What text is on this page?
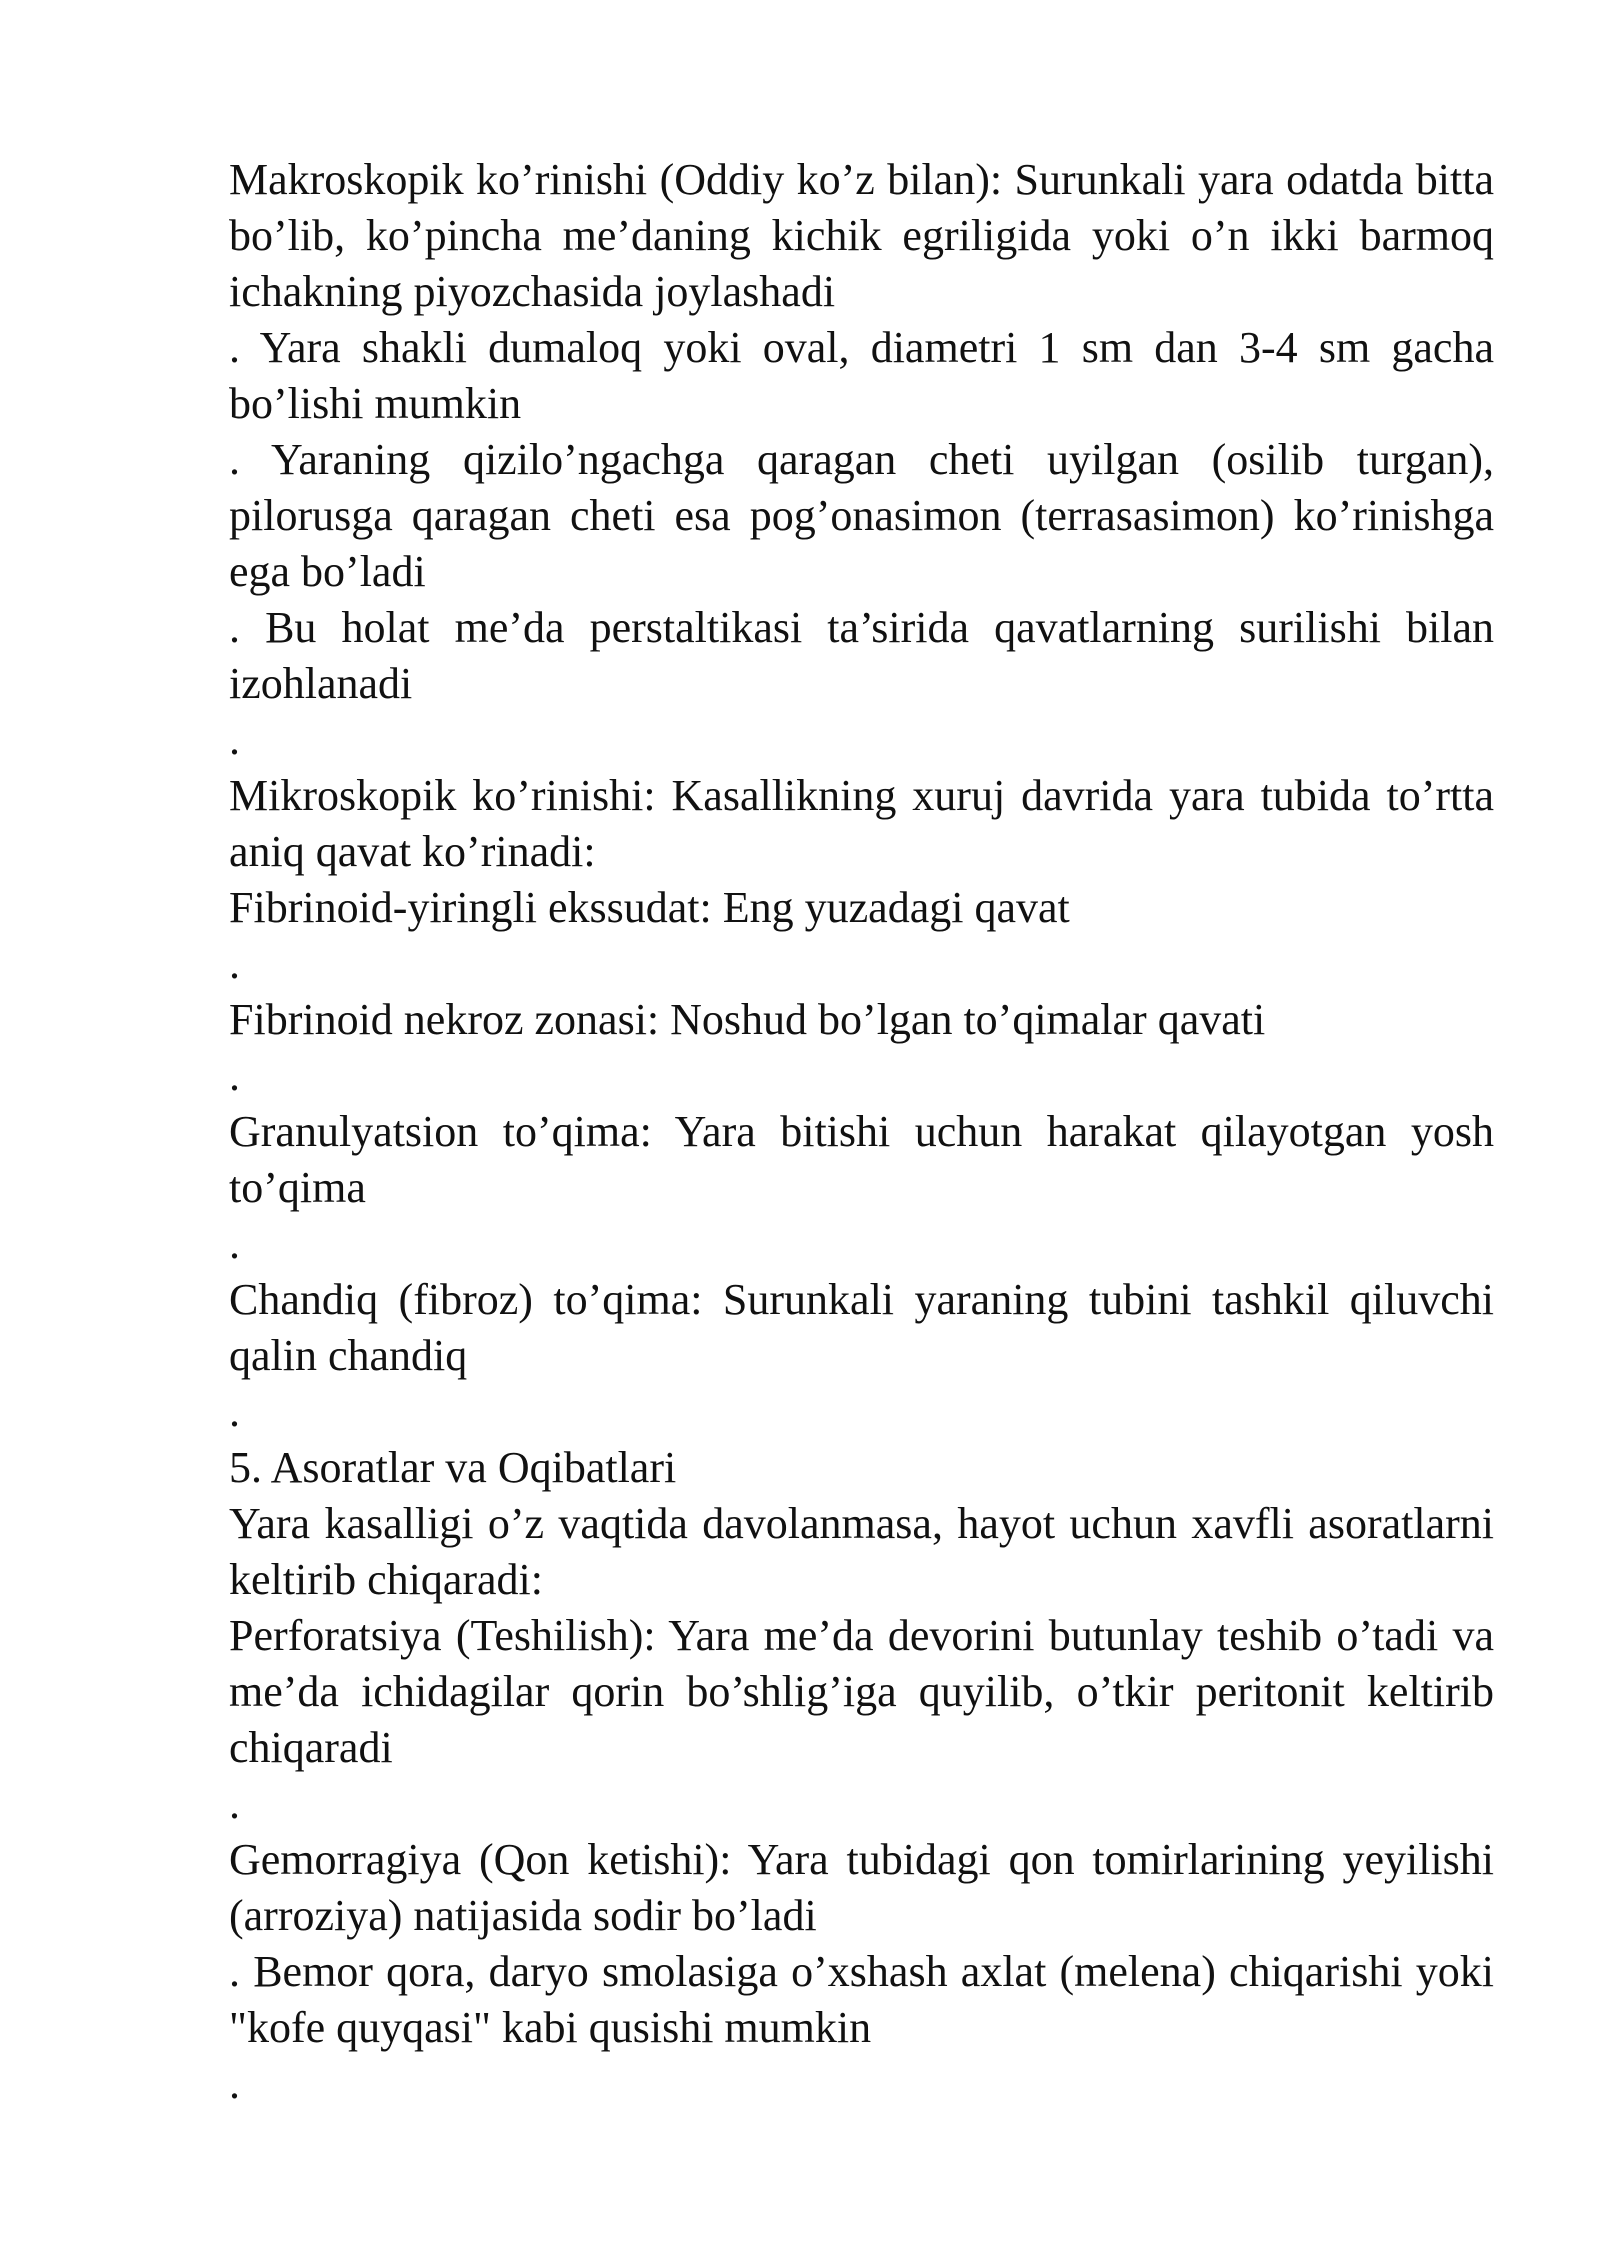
Makroskopik ko’rinishi (Oddiy ko’z bilan): Surunkali yara odatda bitta bo’lib, ko’pincha me’daning kichik egriligida yoki o’n ikki barmoq ichakning piyozchasida joylashadi

. Yara shakli dumaloq yoki oval, diametri 1 sm dan 3-4 sm gacha bo’lishi mumkin

. Yaraning qizilo’ngachga qaragan cheti uyilgan (osilib turgan), pilorusga qaragan cheti esa pog’onasimon (terrasasimon) ko’rinishga ega bo’ladi

. Bu holat me’da perstaltikasi ta’sirida qavatlarning surilishi bilan izohlanadi

.

Mikroskopik ko’rinishi: Kasallikning xuruj davrida yara tubida to’rtta aniq qavat ko’rinadi:

Fibrinoid-yiringli ekssudat: Eng yuzadagi qavat

.

Fibrinoid nekroz zonasi: Noshud bo’lgan to’qimalar qavati

.

Granulyatsion to’qima: Yara bitishi uchun harakat qilayotgan yosh to’qima

.

Chandiq (fibroz) to’qima: Surunkali yaraning tubini tashkil qiluvchi qalin chandiq

.

5. Asoratlar va Oqibatlari

Yara kasalligi o’z vaqtida davolanmasa, hayot uchun xavfli asoratlarni keltirib chiqaradi:

Perforatsiya (Teshilish): Yara me’da devorini butunlay teshib o’tadi va me’da ichidagilar qorin bo’shlig’iga quyilib, o’tkir peritonit keltirib chiqaradi

.

Gemorragiya (Qon ketishi): Yara tubidagi qon tomirlarining yeyilishi (arroziya) natijasida sodir bo’ladi

. Bemor qora, daryo smolasiga o’xshash axlat (melena) chiqarishi yoki "kofe quyqasi" kabi qusishi mumkin

.
